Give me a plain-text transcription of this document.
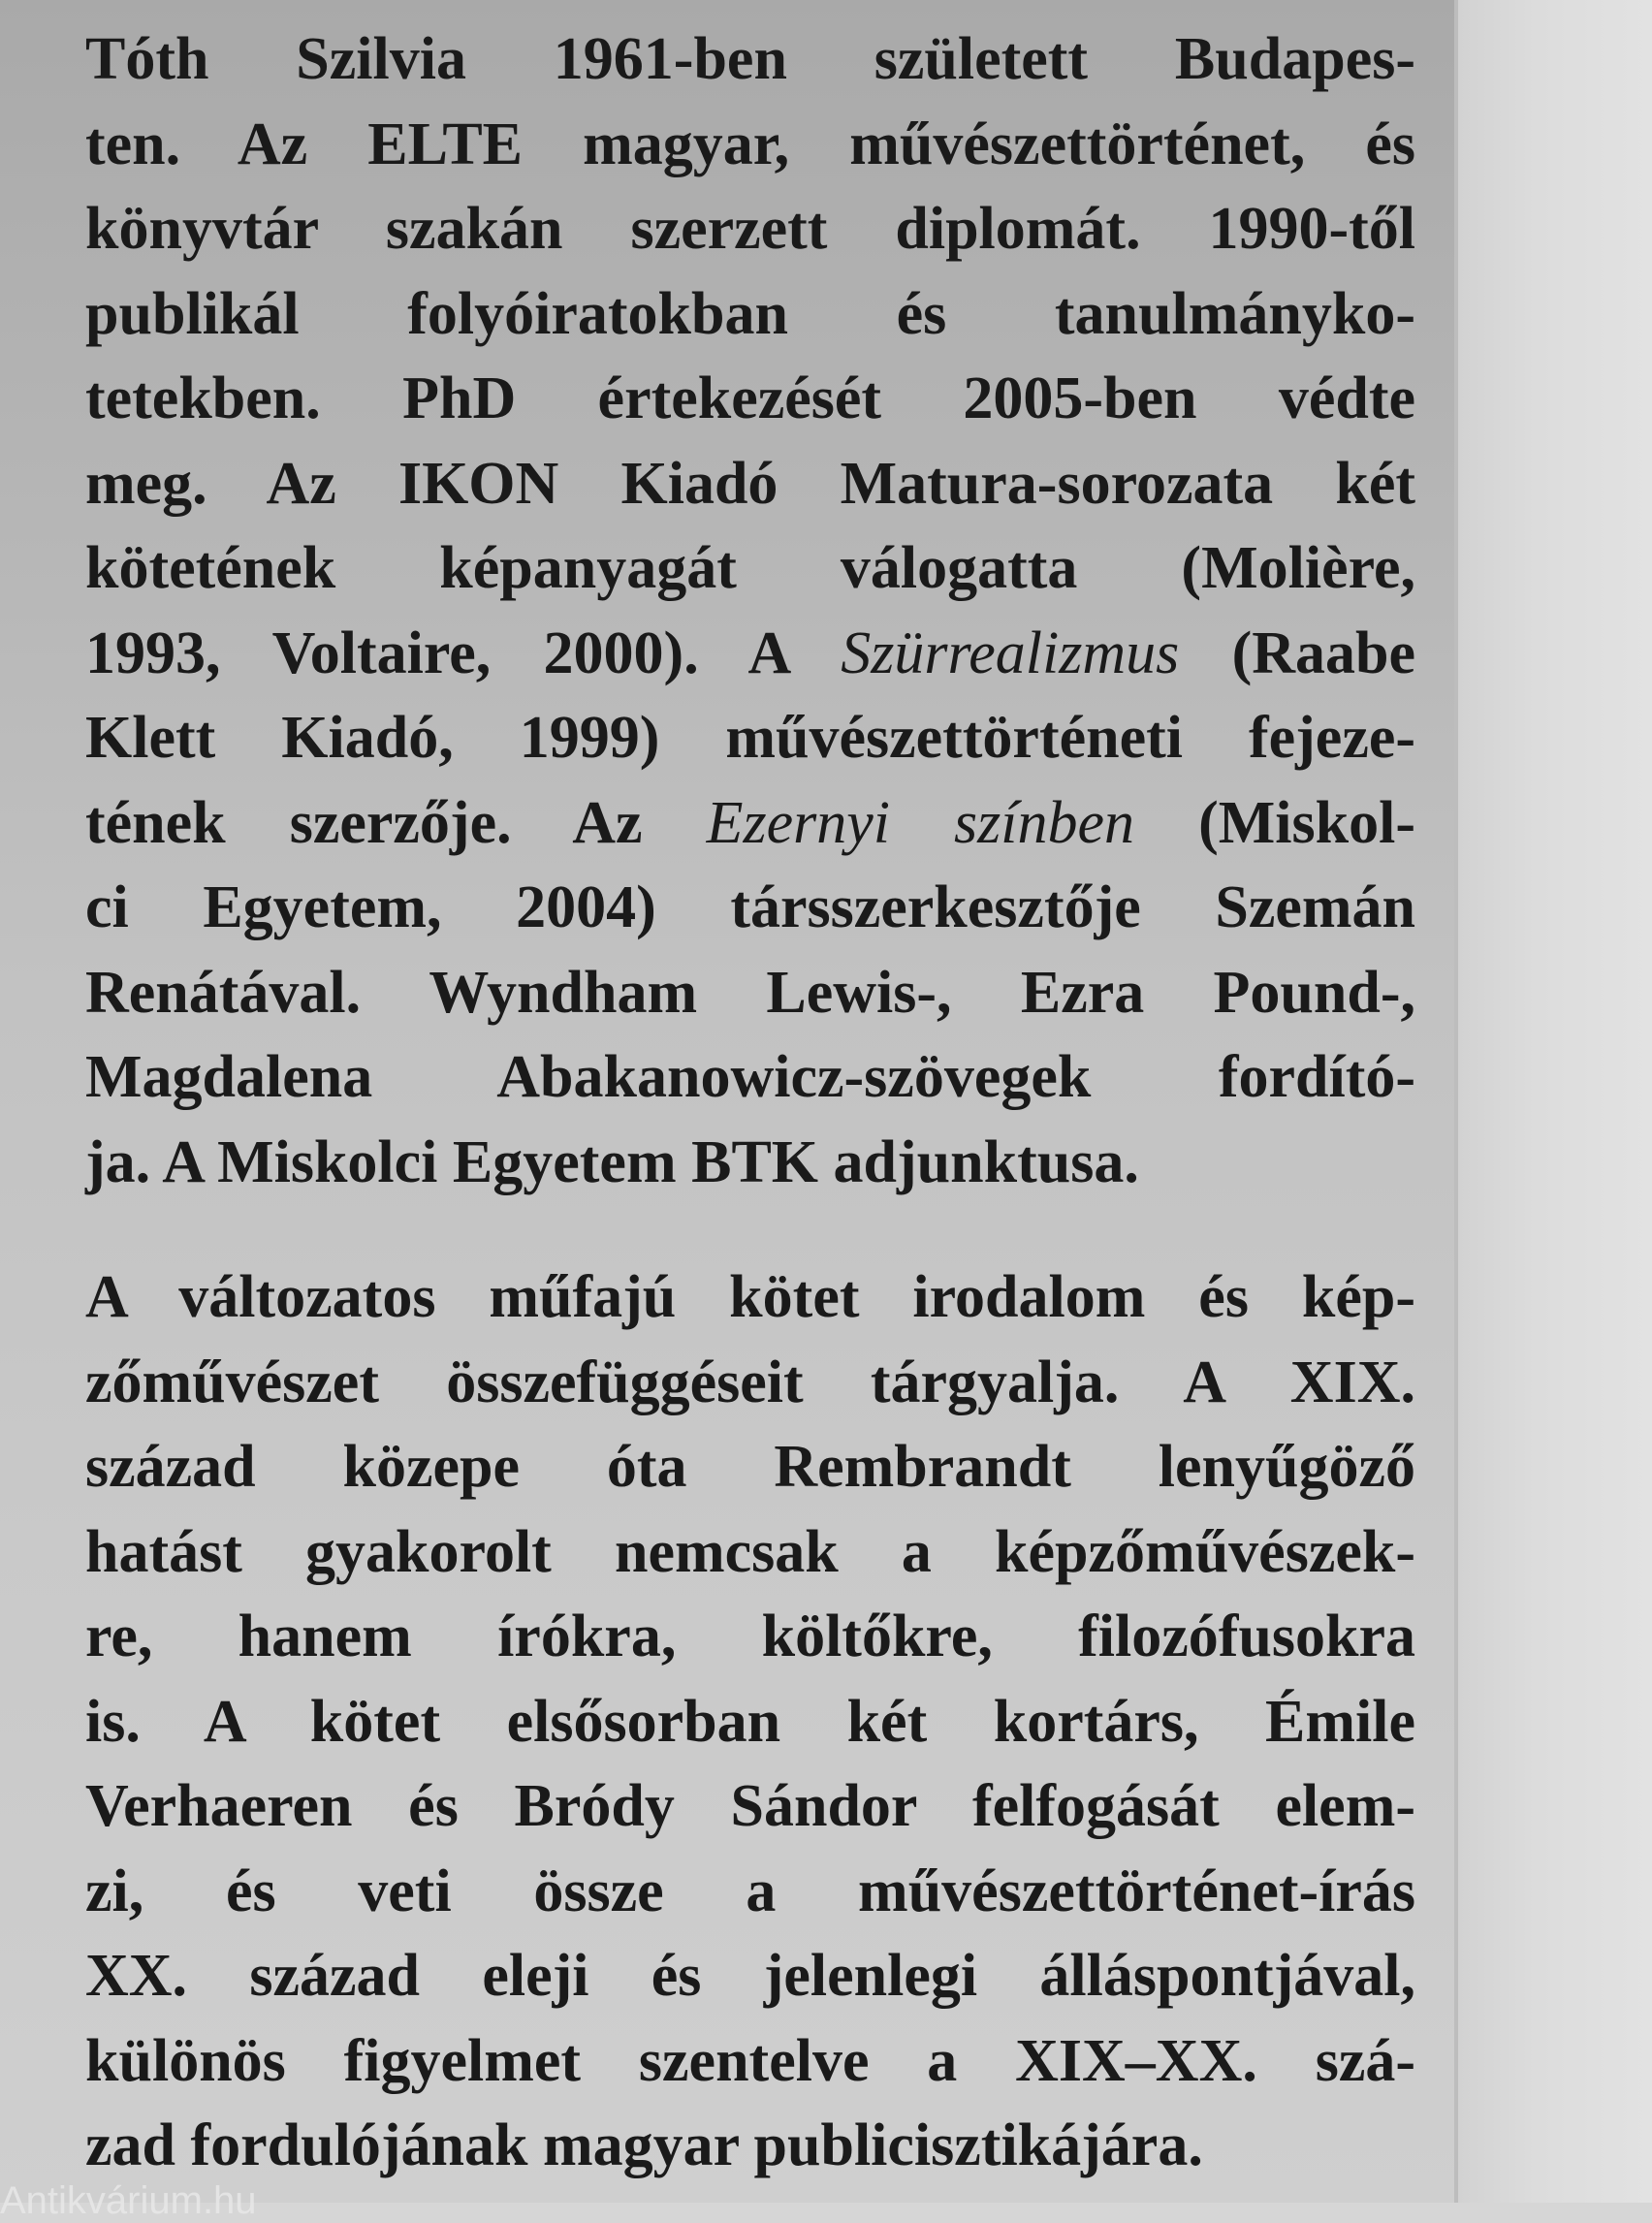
Tóth Szilvia 1961-ben született Budapes-
ten. Az ELTE magyar, művészettörténet, és
könyvtár szakán szerzett diplomát. 1990-től
publikál folyóiratokban és tanulmányko-
tetekben. PhD értekezését 2005-ben védte
meg. Az IKON Kiadó Matura-sorozata két
kötetének képanyagát válogatta (Molière,
1993, Voltaire, 2000). A Szürrealizmus (Raabe
Klett Kiadó, 1999) művészettörténeti fejeze-
tének szerzője. Az Ezernyi színben (Miskol-
ci Egyetem, 2004) társszerkesztője Szemán
Renátával. Wyndham Lewis-, Ezra Pound-,
Magdalena Abakanowicz-szövegek fordító-
ja. A Miskolci Egyetem BTK adjunktusa.
A változatos műfajú kötet irodalom és kép-
zőművészet összefüggéseit tárgyalja. A XIX.
század közepe óta Rembrandt lenyűgöző
hatást gyakorolt nemcsak a képzőművészek-
re, hanem írókra, költőkre, filozófusokra
is. A kötet elsősorban két kortárs, Émile
Verhaeren és Bródy Sándor felfogását elem-
zi, és veti össze a művészettörténet-írás
XX. század eleji és jelenlegi álláspontjával,
különös figyelmet szentelve a XIX–XX. szá-
zad fordulójának magyar publicisztikájára.
Antikvárium.hu
